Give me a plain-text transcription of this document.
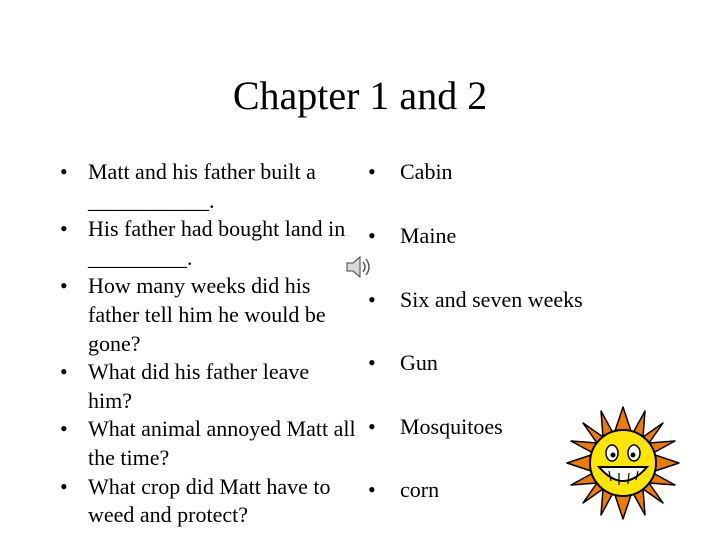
Chapter 1 and 2
• Matt and his father built a ___________.
• His father had bought land in _________.
• How many weeks did his father tell him he would be gone?
• What did his father leave him?
• What animal annoyed Matt all the time?
• What crop did Matt have to weed and protect?
• Cabin
• Maine
• Six and seven weeks
• Gun
• Mosquitoes
• corn
